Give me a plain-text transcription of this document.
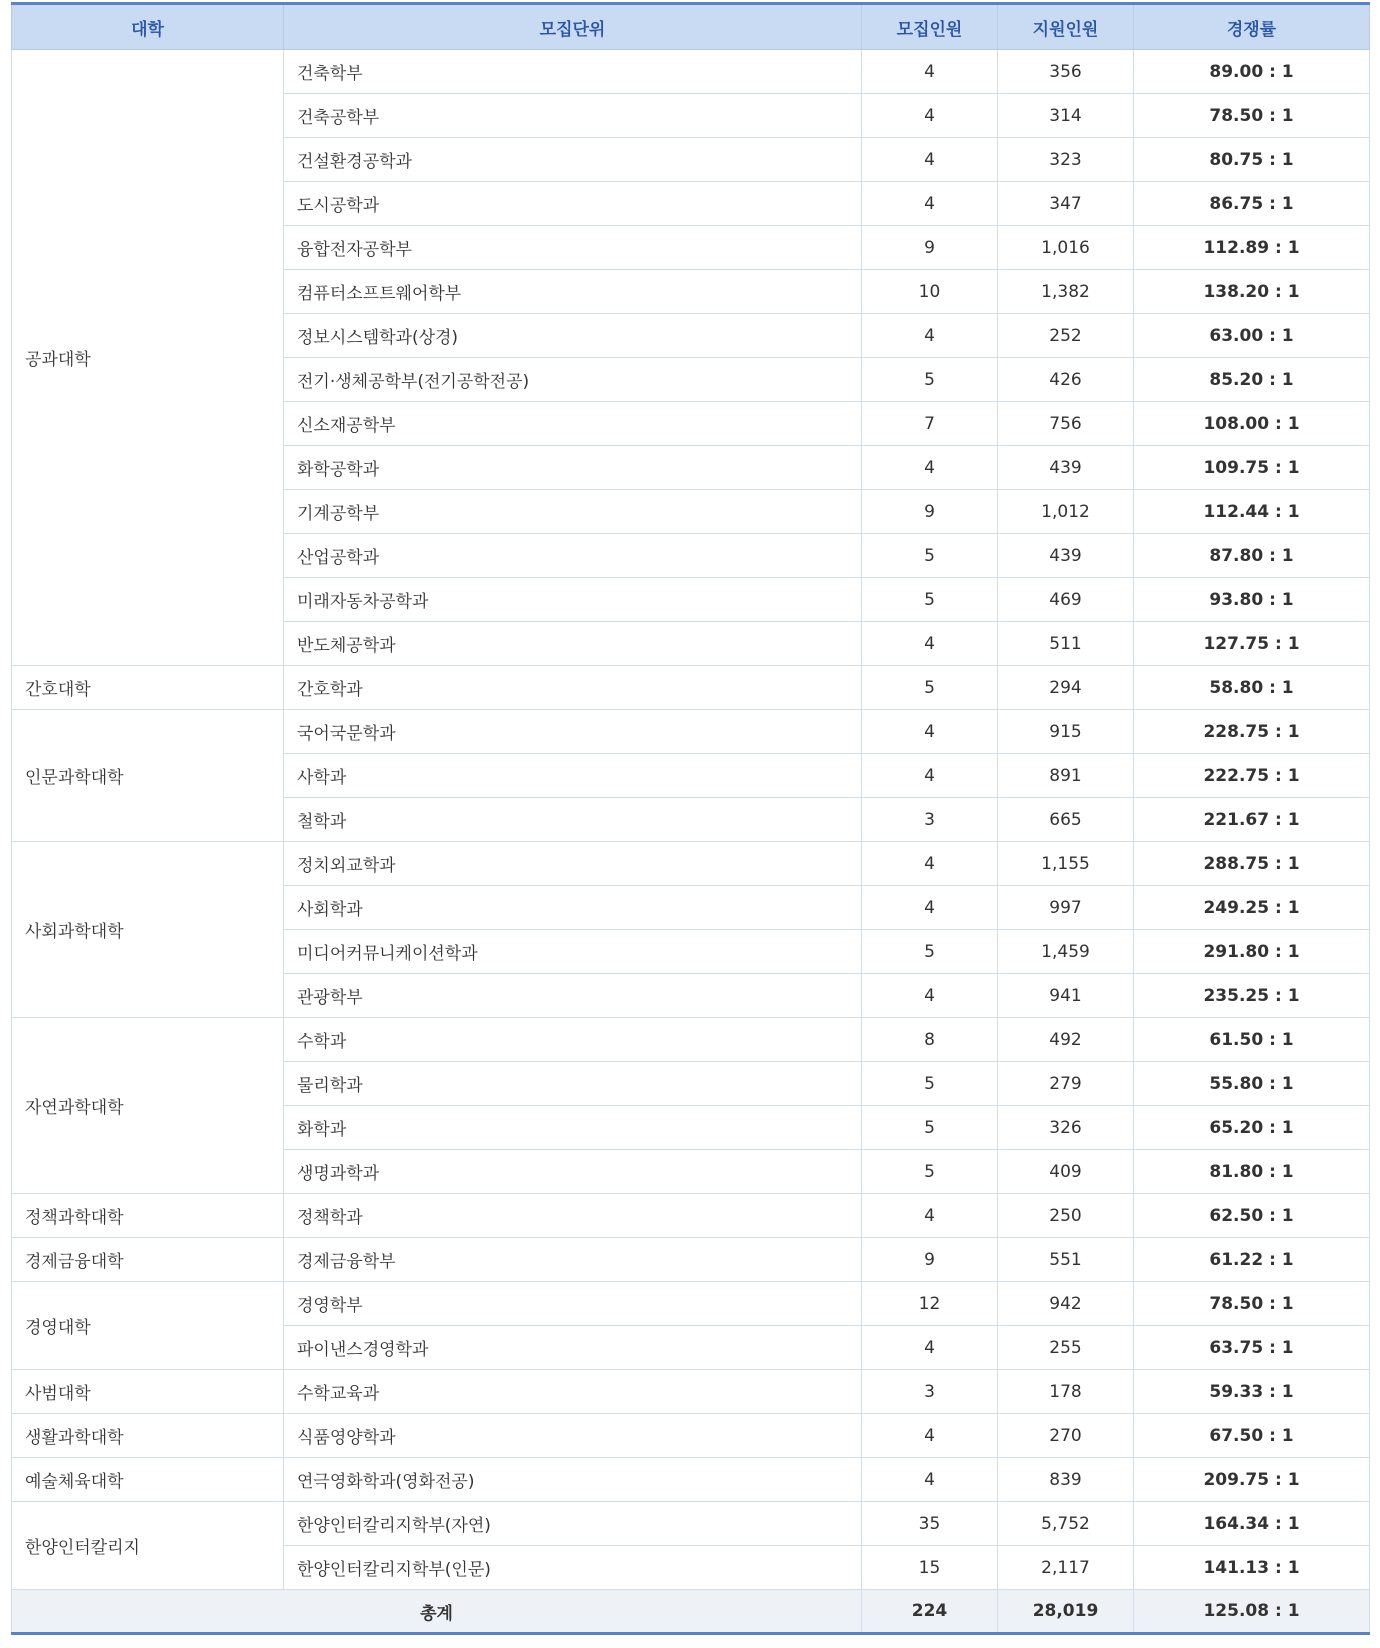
대학	모집단위	모집인원	지원인원	경쟁률
공과대학	건축학부	4	356	89.00 : 1
	건축공학부	4	314	78.50 : 1
	건설환경공학과	4	323	80.75 : 1
	도시공학과	4	347	86.75 : 1
	융합전자공학부	9	1,016	112.89 : 1
	컴퓨터소프트웨어학부	10	1,382	138.20 : 1
	정보시스템학과(상경)	4	252	63.00 : 1
	전기·생체공학부(전기공학전공)	5	426	85.20 : 1
	신소재공학부	7	756	108.00 : 1
	화학공학과	4	439	109.75 : 1
	기계공학부	9	1,012	112.44 : 1
	산업공학과	5	439	87.80 : 1
	미래자동차공학과	5	469	93.80 : 1
	반도체공학과	4	511	127.75 : 1
간호대학	간호학과	5	294	58.80 : 1
인문과학대학	국어국문학과	4	915	228.75 : 1
	사학과	4	891	222.75 : 1
	철학과	3	665	221.67 : 1
사회과학대학	정치외교학과	4	1,155	288.75 : 1
	사회학과	4	997	249.25 : 1
	미디어커뮤니케이션학과	5	1,459	291.80 : 1
	관광학부	4	941	235.25 : 1
자연과학대학	수학과	8	492	61.50 : 1
	물리학과	5	279	55.80 : 1
	화학과	5	326	65.20 : 1
	생명과학과	5	409	81.80 : 1
정책과학대학	정책학과	4	250	62.50 : 1
경제금융대학	경제금융학부	9	551	61.22 : 1
경영대학	경영학부	12	942	78.50 : 1
	파이낸스경영학과	4	255	63.75 : 1
사범대학	수학교육과	3	178	59.33 : 1
생활과학대학	식품영양학과	4	270	67.50 : 1
예술체육대학	연극영화학과(영화전공)	4	839	209.75 : 1
한양인터칼리지	한양인터칼리지학부(자연)	35	5,752	164.34 : 1
	한양인터칼리지학부(인문)	15	2,117	141.13 : 1
총계		224	28,019	125.08 : 1
